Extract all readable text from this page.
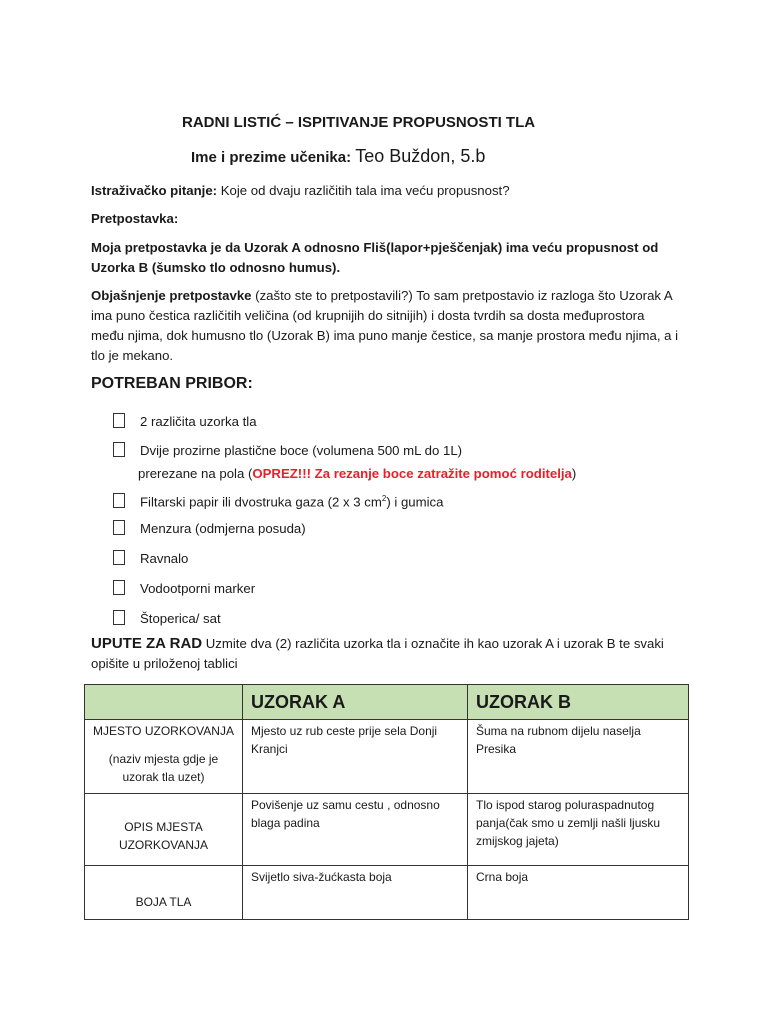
RADNI LISTIĆ – ISPITIVANJE PROPUSNOSTI TLA
Ime i prezime učenika: Teo Buždon, 5.b
Istraživačko pitanje: Koje od dvaju različitih tala ima veću propusnost?
Pretpostavka:
Moja pretpostavka je da Uzorak A odnosno Fliš(lapor+pješčenjak) ima veću propusnost od Uzorka B (šumsko tlo odnosno humus).
Objašnjenje pretpostavke (zašto ste to pretpostavili?) To sam pretpostavio iz razloga što Uzorak A ima puno čestica različitih veličina (od krupnijih do sitnijih) i dosta tvrdih sa dosta međuprostora među njima, dok humusno tlo (Uzorak B) ima puno manje čestice, sa manje prostora među njima, a i tlo je mekano.
POTREBAN PRIBOR:
2 različita uzorka tla
Dvije prozirne plastične boce (volumena 500 mL do 1L)
prerezane na pola (OPREZ!!! Za rezanje boce zatražite pomoć roditelja)
Filtarski papir ili dvostruka gaza (2 x 3 $cm^2$) i gumica
Menzura (odmjerna posuda)
Ravnalo
Vodootporni marker
Štoperica/ sat
UPUTE ZA RAD Uzmite dva (2) različita uzorka tla i označite ih kao uzorak A i uzorak B te svaki opišite u priloženoj tablici
	UZORAK A	UZORAK B

MJESTO UZORKOVANJA
(naziv mjesta gdje je uzorak tla uzet)	Mjesto uz rub ceste prije sela Donji Kranjci	Šuma na rubnom dijelu naselja Presika
OPIS MJESTA UZORKOVANJA	Povišenje uz samu cestu , odnosno blaga padina	Tlo ispod starog poluraspadnutog panja(čak smo u zemlji našli ljusku zmijskog jajeta)
BOJA TLA	Svijetlo siva-žućkasta boja	Crna boja
